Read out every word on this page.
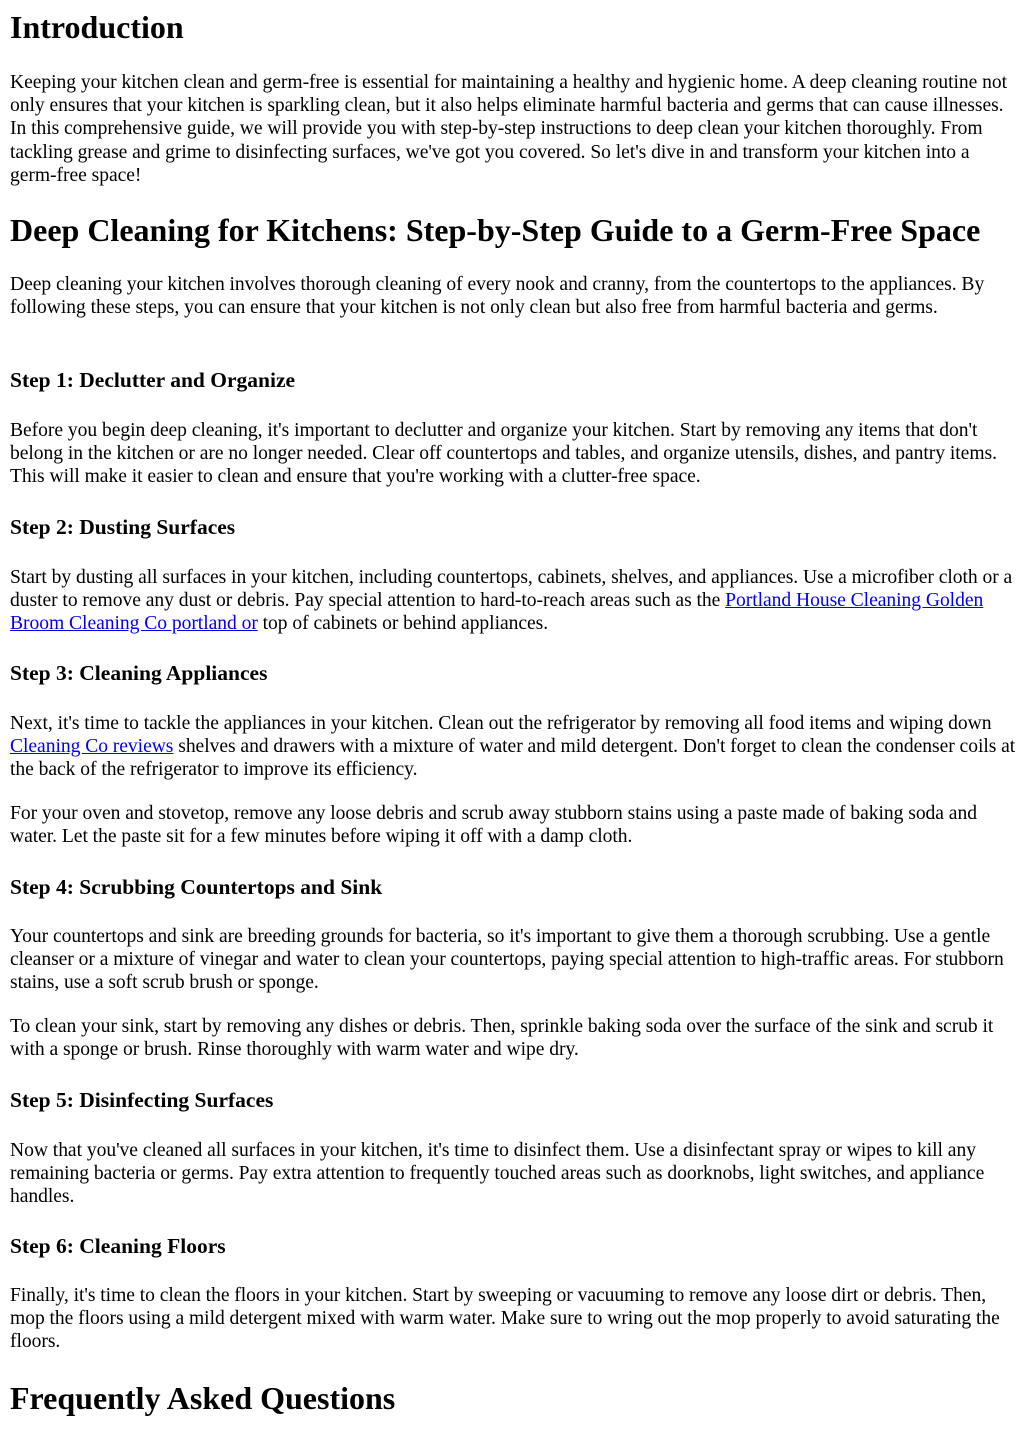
Introduction

Keeping your kitchen clean and germ-free is essential for maintaining a healthy and hygienic home. A deep cleaning routine not only ensures that your kitchen is sparkling clean, but it also helps eliminate harmful bacteria and germs that can cause illnesses. In this comprehensive guide, we will provide you with step-by-step instructions to deep clean your kitchen thoroughly. From tackling grease and grime to disinfecting surfaces, we've got you covered. So let's dive in and transform your kitchen into a germ-free space!

Deep Cleaning for Kitchens: Step-by-Step Guide to a Germ-Free Space

Deep cleaning your kitchen involves thorough cleaning of every nook and cranny, from the countertops to the appliances. By following these steps, you can ensure that your kitchen is not only clean but also free from harmful bacteria and germs.

Step 1: Declutter and Organize

Before you begin deep cleaning, it's important to declutter and organize your kitchen. Start by removing any items that don't belong in the kitchen or are no longer needed. Clear off countertops and tables, and organize utensils, dishes, and pantry items. This will make it easier to clean and ensure that you're working with a clutter-free space.

Step 2: Dusting Surfaces

Start by dusting all surfaces in your kitchen, including countertops, cabinets, shelves, and appliances. Use a microfiber cloth or a duster to remove any dust or debris. Pay special attention to hard-to-reach areas such as the Portland House Cleaning Golden Broom Cleaning Co portland or top of cabinets or behind appliances.

Step 3: Cleaning Appliances

Next, it's time to tackle the appliances in your kitchen. Clean out the refrigerator by removing all food items and wiping down Cleaning Co reviews shelves and drawers with a mixture of water and mild detergent. Don't forget to clean the condenser coils at the back of the refrigerator to improve its efficiency.

For your oven and stovetop, remove any loose debris and scrub away stubborn stains using a paste made of baking soda and water. Let the paste sit for a few minutes before wiping it off with a damp cloth.

Step 4: Scrubbing Countertops and Sink

Your countertops and sink are breeding grounds for bacteria, so it's important to give them a thorough scrubbing. Use a gentle cleanser or a mixture of vinegar and water to clean your countertops, paying special attention to high-traffic areas. For stubborn stains, use a soft scrub brush or sponge.

To clean your sink, start by removing any dishes or debris. Then, sprinkle baking soda over the surface of the sink and scrub it with a sponge or brush. Rinse thoroughly with warm water and wipe dry.

Step 5: Disinfecting Surfaces

Now that you've cleaned all surfaces in your kitchen, it's time to disinfect them. Use a disinfectant spray or wipes to kill any remaining bacteria or germs. Pay extra attention to frequently touched areas such as doorknobs, light switches, and appliance handles.

Step 6: Cleaning Floors

Finally, it's time to clean the floors in your kitchen. Start by sweeping or vacuuming to remove any loose dirt or debris. Then, mop the floors using a mild detergent mixed with warm water. Make sure to wring out the mop properly to avoid saturating the floors.

Frequently Asked Questions
